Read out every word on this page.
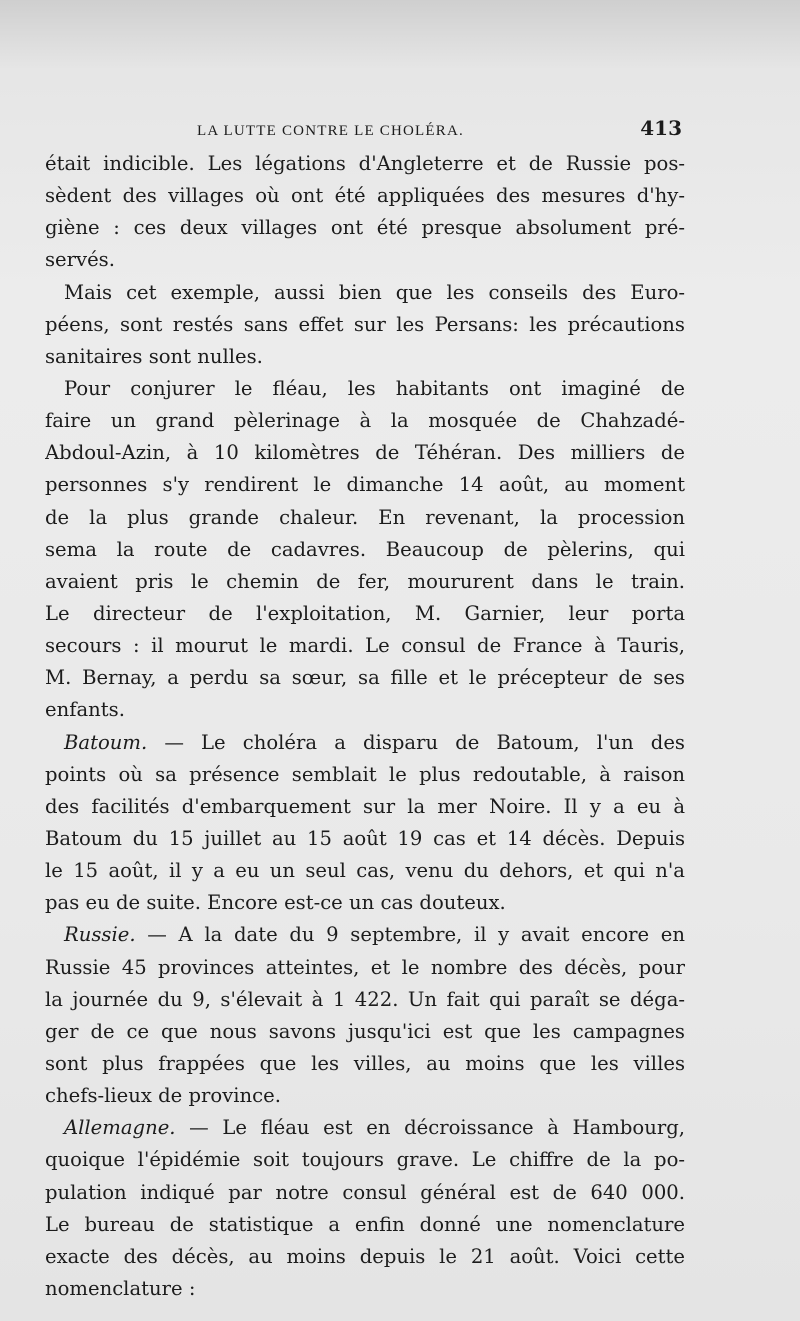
LA LUTTE CONTRE LE CHOLÉRA.	413
était indicible. Les légations d'Angleterre et de Russie pos-
sèdent des villages où ont été appliquées des mesures d'hy-
giène : ces deux villages ont été presque absolument pré-
servés.
Mais cet exemple, aussi bien que les conseils des Euro-
péens, sont restés sans effet sur les Persans: les précautions
sanitaires sont nulles.
Pour conjurer le fléau, les habitants ont imaginé de
faire un grand pèlerinage à la mosquée de Chahzadé-
Abdoul-Azin, à 10 kilomètres de Téhéran. Des milliers de
personnes s'y rendirent le dimanche 14 août, au moment
de la plus grande chaleur. En revenant, la procession
sema la route de cadavres. Beaucoup de pèlerins, qui
avaient pris le chemin de fer, moururent dans le train.
Le directeur de l'exploitation, M. Garnier, leur porta
secours : il mourut le mardi. Le consul de France à Tauris,
M. Bernay, a perdu sa sœur, sa fille et le précepteur de ses
enfants.
Batoum. — Le choléra a disparu de Batoum, l'un des
points où sa présence semblait le plus redoutable, à raison
des facilités d'embarquement sur la mer Noire. Il y a eu à
Batoum du 15 juillet au 15 août 19 cas et 14 décès. Depuis
le 15 août, il y a eu un seul cas, venu du dehors, et qui n'a
pas eu de suite. Encore est-ce un cas douteux.
Russie. — A la date du 9 septembre, il y avait encore en
Russie 45 provinces atteintes, et le nombre des décès, pour
la journée du 9, s'élevait à 1 422. Un fait qui paraît se déga-
ger de ce que nous savons jusqu'ici est que les campagnes
sont plus frappées que les villes, au moins que les villes
chefs-lieux de province.
Allemagne. — Le fléau est en décroissance à Hambourg,
quoique l'épidémie soit toujours grave. Le chiffre de la po-
pulation indiqué par notre consul général est de 640 000.
Le bureau de statistique a enfin donné une nomenclature
exacte des décès, au moins depuis le 21 août. Voici cette
nomenclature :
